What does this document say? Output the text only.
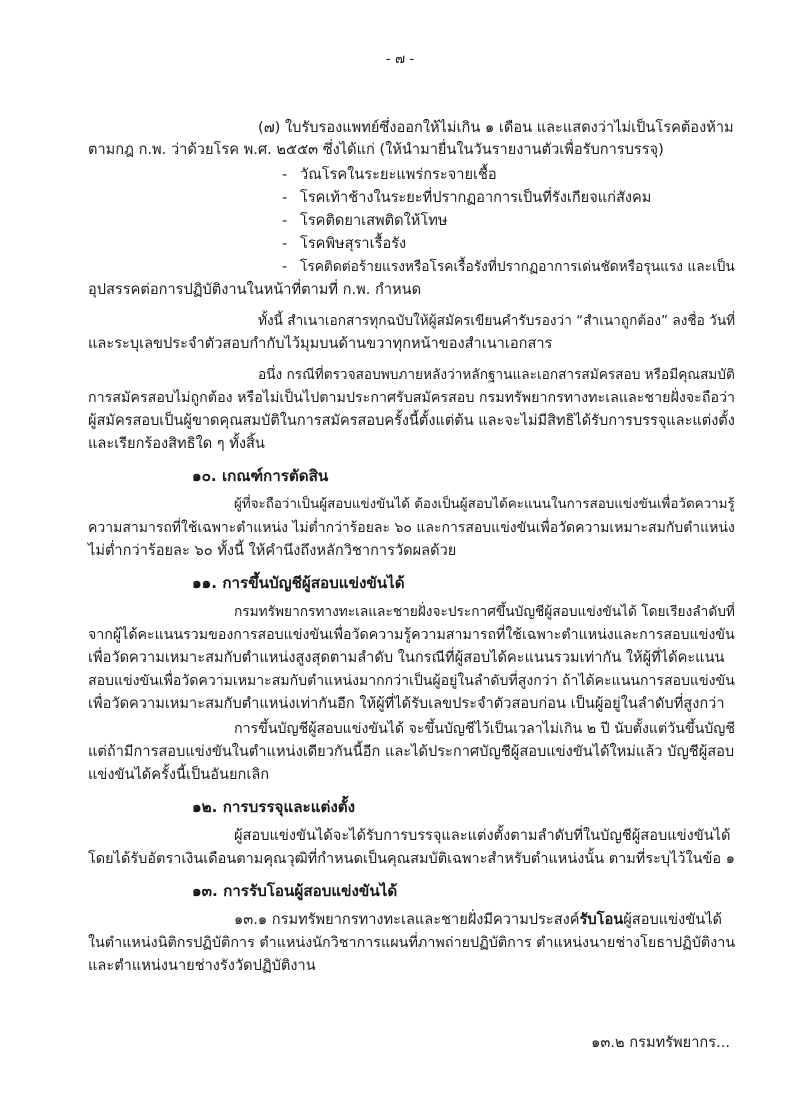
- ๗ -
(๗) ใบรับรองแพทย์ซึ่งออกให้ไม่เกิน ๑ เดือน และแสดงว่าไม่เป็นโรคต้องห้าม
ตามกฎ ก.พ. ว่าด้วยโรค พ.ศ. ๒๕๕๓ ซึ่งได้แก่ (ให้นำมายื่นในวันรายงานตัวเพื่อรับการบรรจุ)
- วัณโรคในระยะแพร่กระจายเชื้อ
- โรคเท้าช้างในระยะที่ปรากฏอาการเป็นที่รังเกียจแก่สังคม
- โรคติดยาเสพติดให้โทษ
- โรคพิษสุราเรื้อรัง
- โรคติดต่อร้ายแรงหรือโรคเรื้อรังที่ปรากฏอาการเด่นชัดหรือรุนแรง และเป็น
อุปสรรคต่อการปฏิบัติงานในหน้าที่ตามที่ ก.พ. กำหนด
ทั้งนี้ สำเนาเอกสารทุกฉบับให้ผู้สมัครเขียนคำรับรองว่า “สำเนาถูกต้อง” ลงชื่อ วันที่
และระบุเลขประจำตัวสอบกำกับไว้มุมบนด้านขวาทุกหน้าของสำเนาเอกสาร
อนึ่ง กรณีที่ตรวจสอบพบภายหลังว่าหลักฐานและเอกสารสมัครสอบ หรือมีคุณสมบัติ
การสมัครสอบไม่ถูกต้อง หรือไม่เป็นไปตามประกาศรับสมัครสอบ กรมทรัพยากรทางทะเลและชายฝั่งจะถือว่า
ผู้สมัครสอบเป็นผู้ขาดคุณสมบัติในการสมัครสอบครั้งนี้ตั้งแต่ต้น และจะไม่มีสิทธิได้รับการบรรจุและแต่งตั้ง
และเรียกร้องสิทธิใด ๆ ทั้งสิ้น
๑๐. เกณฑ์การตัดสิน
ผู้ที่จะถือว่าเป็นผู้สอบแข่งขันได้ ต้องเป็นผู้สอบได้คะแนนในการสอบแข่งขันเพื่อวัดความรู้
ความสามารถที่ใช้เฉพาะตำแหน่ง ไม่ต่ำกว่าร้อยละ ๖๐ และการสอบแข่งขันเพื่อวัดความเหมาะสมกับตำแหน่ง
ไม่ต่ำกว่าร้อยละ ๖๐ ทั้งนี้ ให้คำนึงถึงหลักวิชาการวัดผลด้วย
๑๑. การขึ้นบัญชีผู้สอบแข่งขันได้
กรมทรัพยากรทางทะเลและชายฝั่งจะประกาศขึ้นบัญชีผู้สอบแข่งขันได้ โดยเรียงลำดับที่
จากผู้ได้คะแนนรวมของการสอบแข่งขันเพื่อวัดความรู้ความสามารถที่ใช้เฉพาะตำแหน่งและการสอบแข่งขัน
เพื่อวัดความเหมาะสมกับตำแหน่งสูงสุดตามลำดับ ในกรณีที่ผู้สอบได้คะแนนรวมเท่ากัน ให้ผู้ที่ได้คะแนน
สอบแข่งขันเพื่อวัดความเหมาะสมกับตำแหน่งมากกว่าเป็นผู้อยู่ในลำดับที่สูงกว่า ถ้าได้คะแนนการสอบแข่งขัน
เพื่อวัดความเหมาะสมกับตำแหน่งเท่ากันอีก ให้ผู้ที่ได้รับเลขประจำตัวสอบก่อน เป็นผู้อยู่ในลำดับที่สูงกว่า
การขึ้นบัญชีผู้สอบแข่งขันได้ จะขึ้นบัญชีไว้เป็นเวลาไม่เกิน ๒ ปี นับตั้งแต่วันขึ้นบัญชี
แต่ถ้ามีการสอบแข่งขันในตำแหน่งเดียวกันนี้อีก และได้ประกาศบัญชีผู้สอบแข่งขันได้ใหม่แล้ว บัญชีผู้สอบ
แข่งขันได้ครั้งนี้เป็นอันยกเลิก
๑๒. การบรรจุและแต่งตั้ง
ผู้สอบแข่งขันได้จะได้รับการบรรจุและแต่งตั้งตามลำดับที่ในบัญชีผู้สอบแข่งขันได้
โดยได้รับอัตราเงินเดือนตามคุณวุฒิที่กำหนดเป็นคุณสมบัติเฉพาะสำหรับตำแหน่งนั้น ตามที่ระบุไว้ในข้อ ๑
๑๓. การรับโอนผู้สอบแข่งขันได้
๑๓.๑ กรมทรัพยากรทางทะเลและชายฝั่งมีความประสงค์รับโอนผู้สอบแข่งขันได้
ในตำแหน่งนิติกรปฏิบัติการ ตำแหน่งนักวิชาการแผนที่ภาพถ่ายปฏิบัติการ ตำแหน่งนายช่างโยธาปฏิบัติงาน
และตำแหน่งนายช่างรังวัดปฏิบัติงาน
๑๓.๒ กรมทรัพยากร...
